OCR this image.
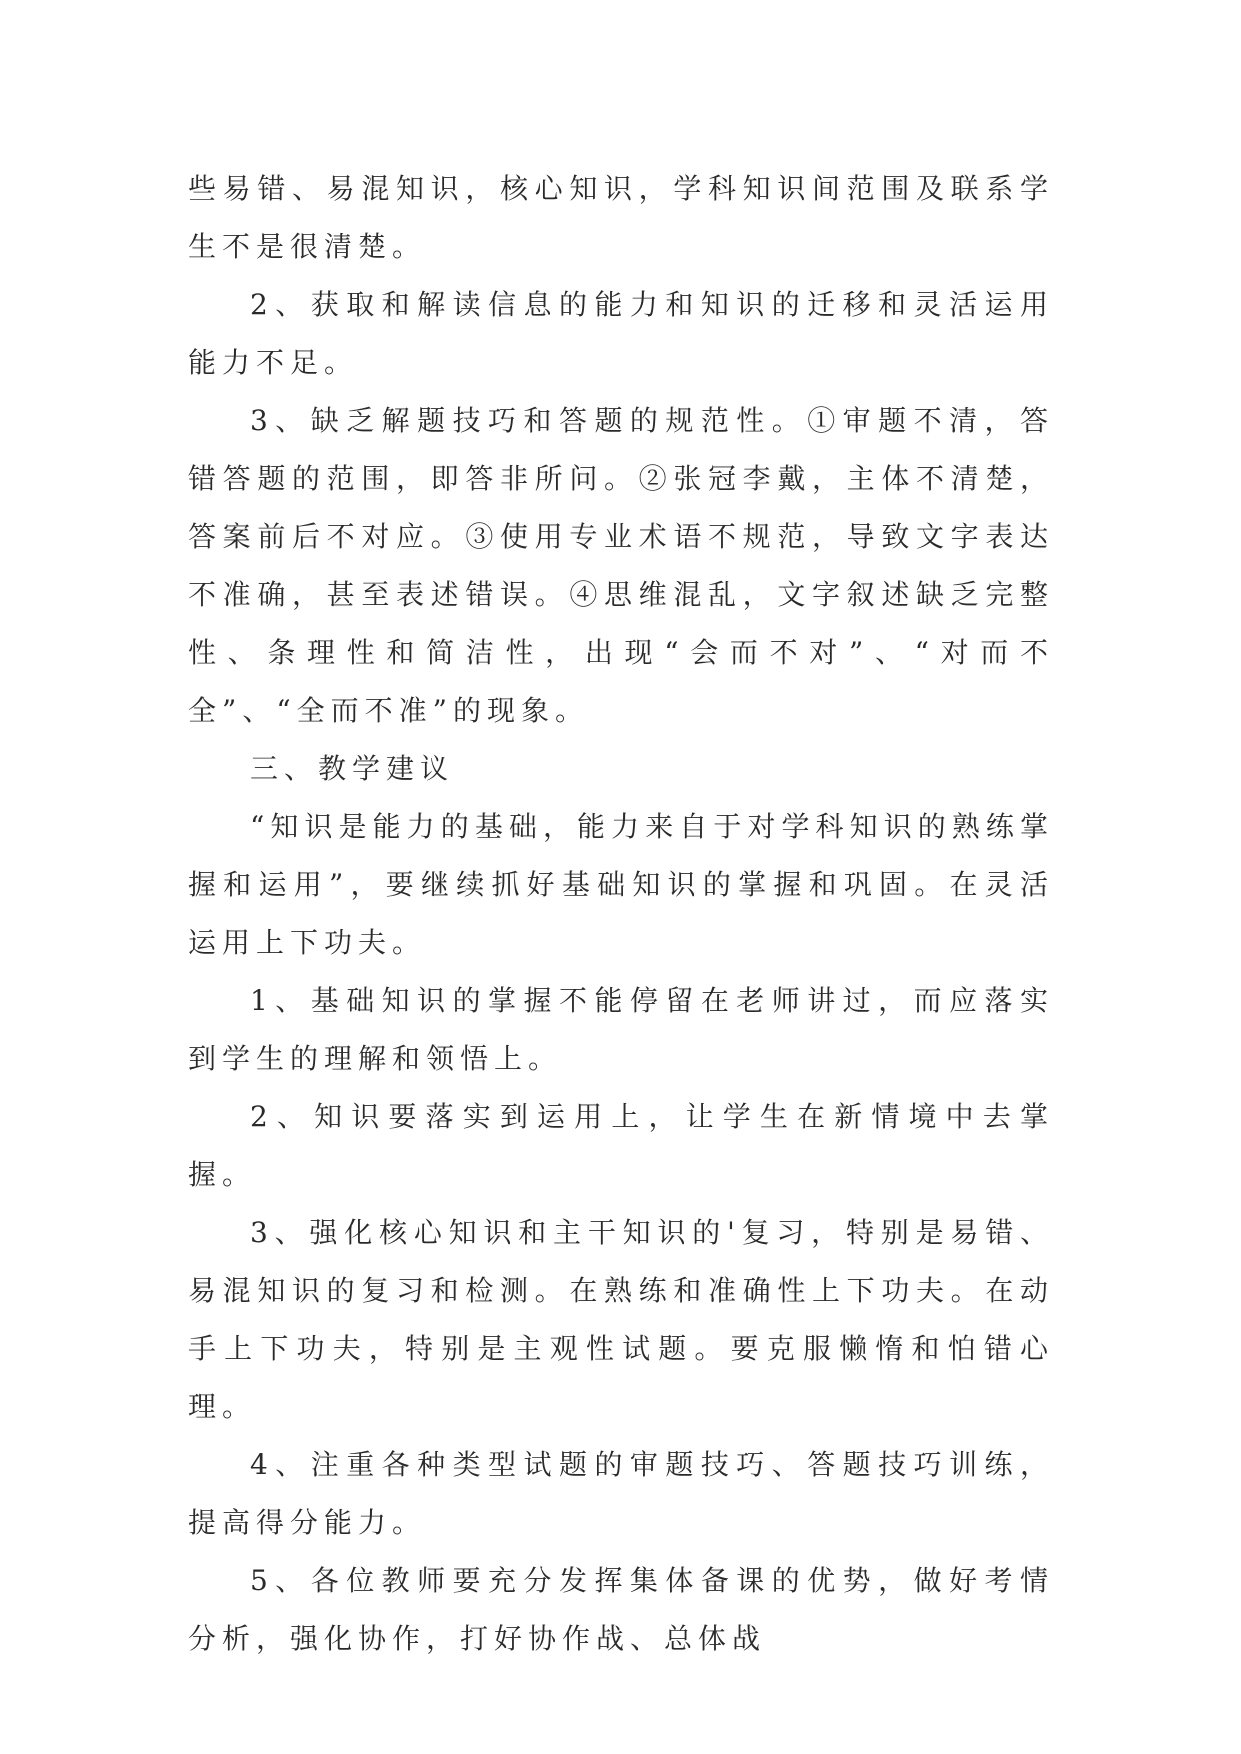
些易错、易混知识，核心知识，学科知识间范围及联系学生不是很清楚。

2、获取和解读信息的能力和知识的迁移和灵活运用能力不足。

3、缺乏解题技巧和答题的规范性。①审题不清，答错答题的范围，即答非所问。②张冠李戴，主体不清楚，答案前后不对应。③使用专业术语不规范，导致文字表达不准确，甚至表述错误。④思维混乱，文字叙述缺乏完整性、条理性和简洁性，出现“会而不对”、“对而不全”、“全而不准”的现象。

三、教学建议

“知识是能力的基础，能力来自于对学科知识的熟练掌握和运用”，要继续抓好基础知识的掌握和巩固。在灵活运用上下功夫。

1、基础知识的掌握不能停留在老师讲过，而应落实到学生的理解和领悟上。

2、知识要落实到运用上，让学生在新情境中去掌握。

3、强化核心知识和主干知识的'复习，特别是易错、易混知识的复习和检测。在熟练和准确性上下功夫。在动手上下功夫，特别是主观性试题。要克服懒惰和怕错心理。

4、注重各种类型试题的审题技巧、答题技巧训练，提高得分能力。

5、各位教师要充分发挥集体备课的优势，做好考情分析，强化协作，打好协作战、总体战
